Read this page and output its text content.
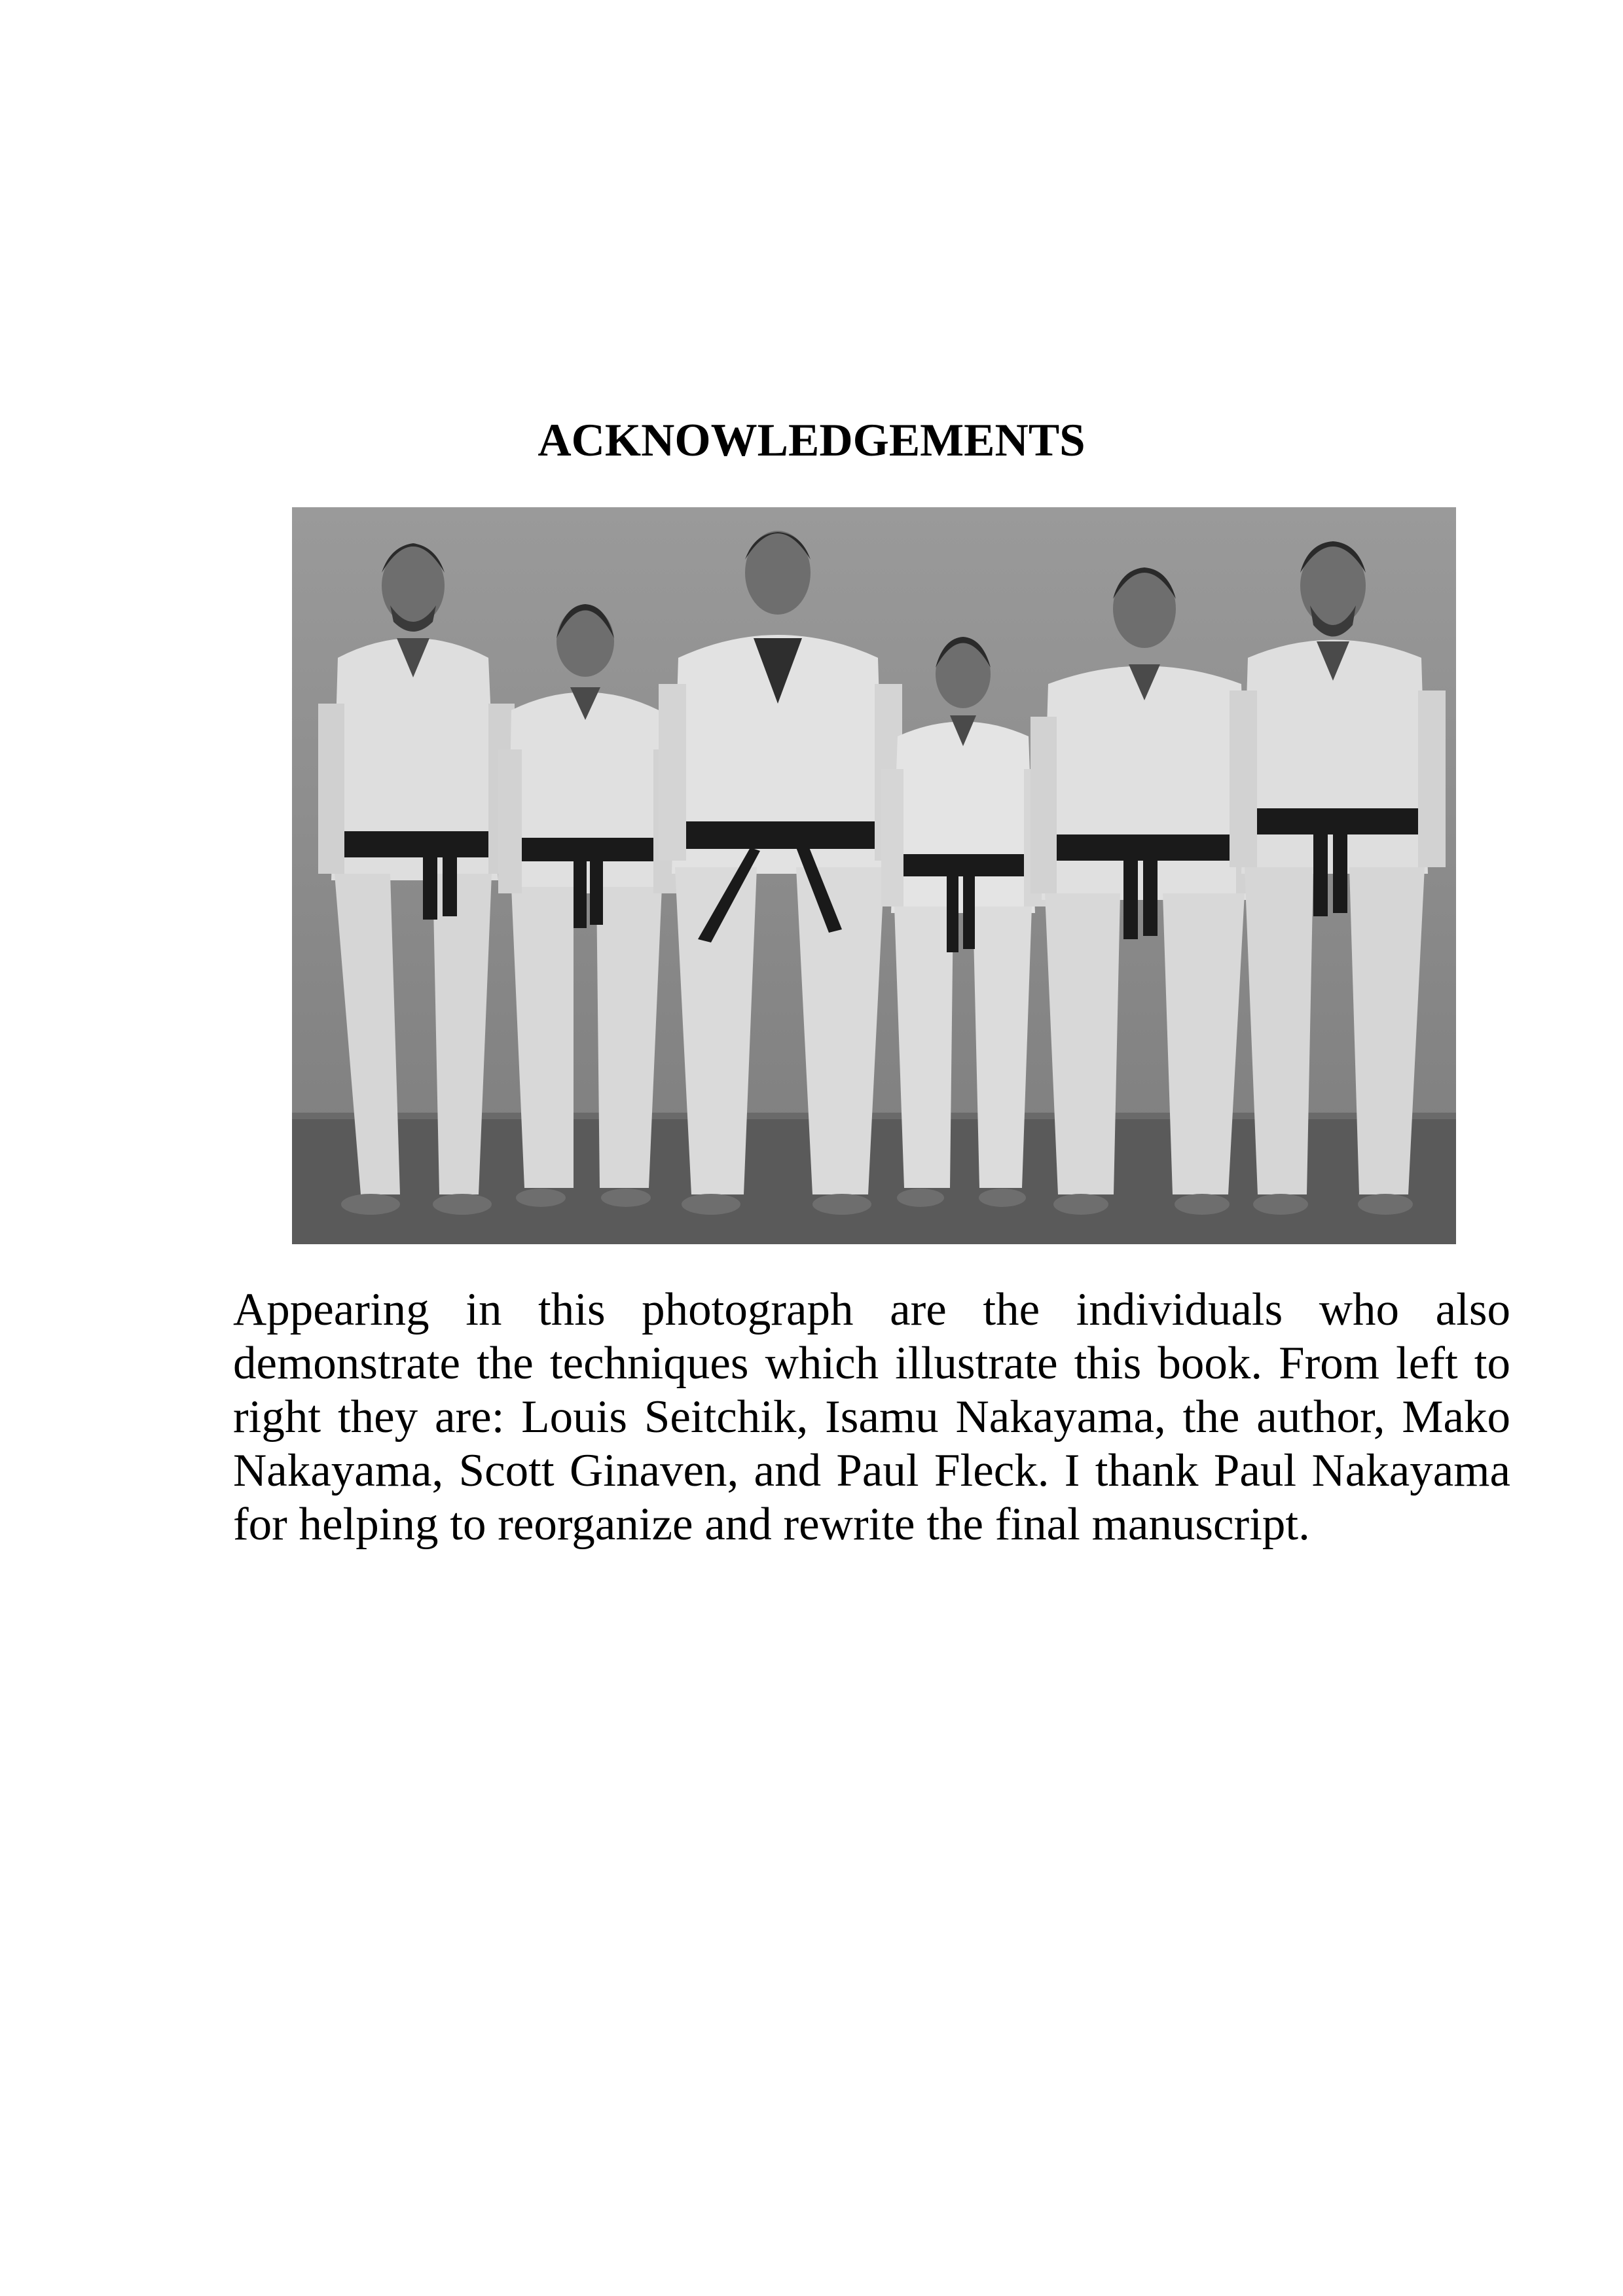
ACKNOWLEDGEMENTS

Appearing in this photograph are the individuals who also demonstrate the techniques which illustrate this book. From left to right they are: Louis Seitchik, Isamu Nakayama, the author, Mako Nakayama, Scott Ginaven, and Paul Fleck. I thank Paul Nakayama for helping to reorganize and rewrite the final manuscript.
